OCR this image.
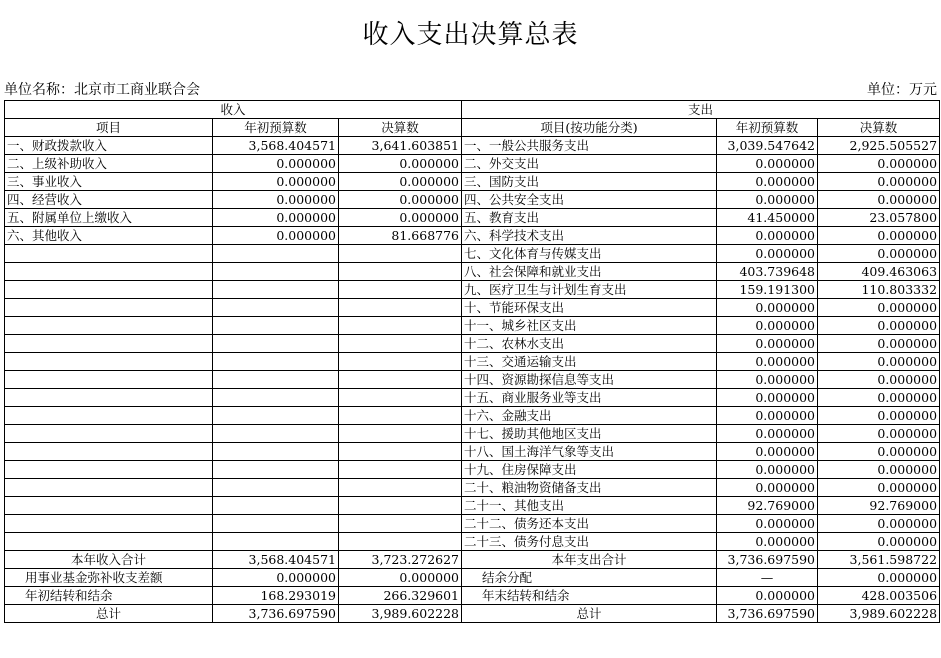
收入支出决算总表
单位名称：北京市工商业联合会	单位：万元
收入			支出		
项目	年初预算数	决算数	项目(按功能分类)	年初预算数	决算数
一、财政拨款收入	3,568.404571	3,641.603851	一、一般公共服务支出	3,039.547642	2,925.505527
二、上级补助收入	0.000000	0.000000	二、外交支出	0.000000	0.000000
三、事业收入	0.000000	0.000000	三、国防支出	0.000000	0.000000
四、经营收入	0.000000	0.000000	四、公共安全支出	0.000000	0.000000
五、附属单位上缴收入	0.000000	0.000000	五、教育支出	41.450000	23.057800
六、其他收入	0.000000	81.668776	六、科学技术支出	0.000000	0.000000
			七、文化体育与传媒支出	0.000000	0.000000
			八、社会保障和就业支出	403.739648	409.463063
			九、医疗卫生与计划生育支出	159.191300	110.803332
			十、节能环保支出	0.000000	0.000000
			十一、城乡社区支出	0.000000	0.000000
			十二、农林水支出	0.000000	0.000000
			十三、交通运输支出	0.000000	0.000000
			十四、资源勘探信息等支出	0.000000	0.000000
			十五、商业服务业等支出	0.000000	0.000000
			十六、金融支出	0.000000	0.000000
			十七、援助其他地区支出	0.000000	0.000000
			十八、国土海洋气象等支出	0.000000	0.000000
			十九、住房保障支出	0.000000	0.000000
			二十、粮油物资储备支出	0.000000	0.000000
			二十一、其他支出	92.769000	92.769000
			二十二、债务还本支出	0.000000	0.000000
			二十三、债务付息支出	0.000000	0.000000
本年收入合计	3,568.404571	3,723.272627	本年支出合计	3,736.697590	3,561.598722
用事业基金弥补收支差额	0.000000	0.000000	结余分配	—	0.000000
年初结转和结余	168.293019	266.329601	年末结转和结余	0.000000	428.003506
总计	3,736.697590	3,989.602228	总计	3,736.697590	3,989.602228
